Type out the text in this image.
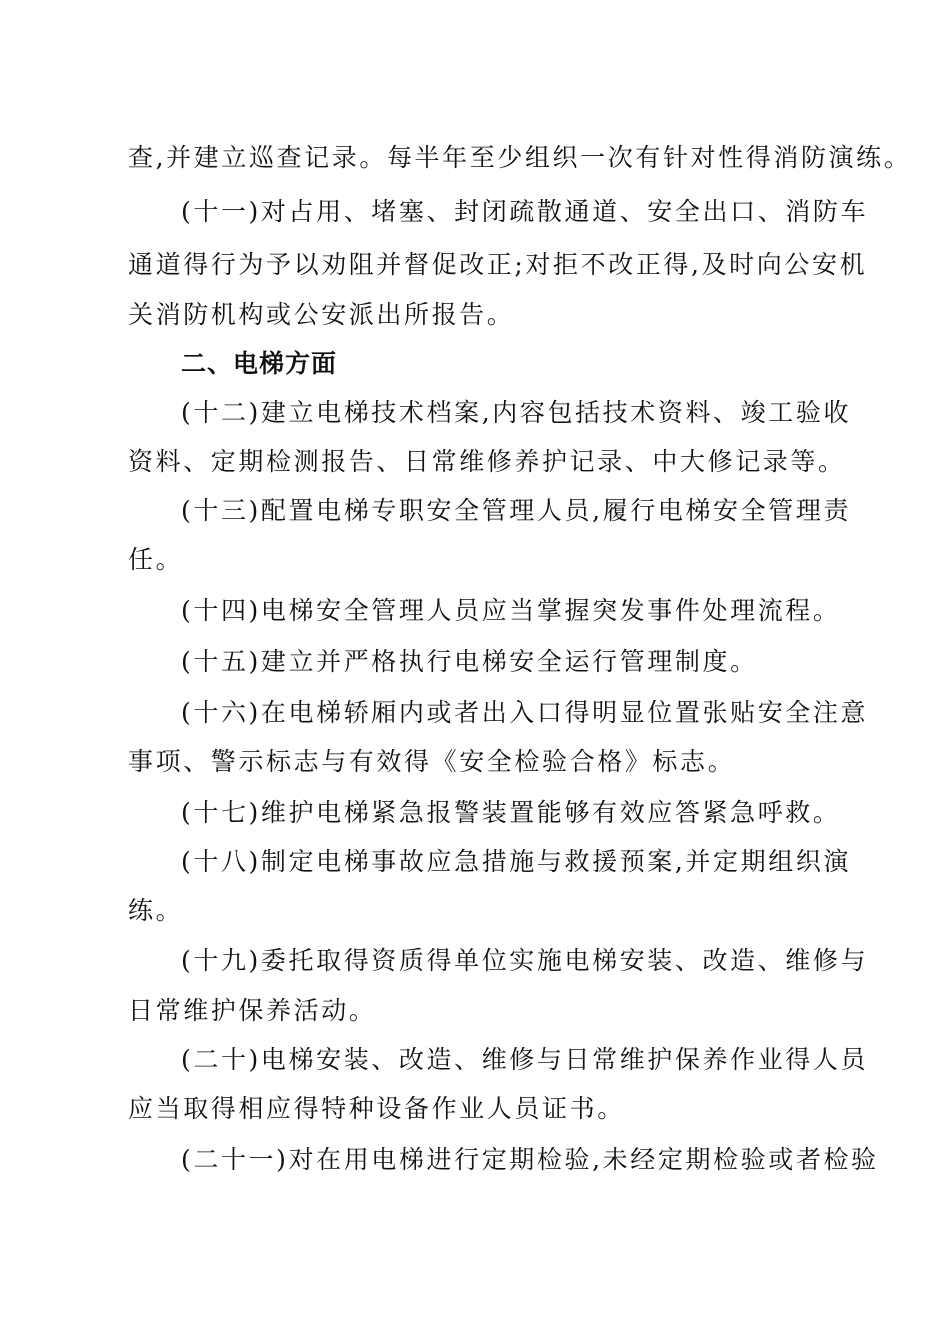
查,并建立巡查记录。每半年至少组织一次有针对性得消防演练。
(十一)对占用、堵塞、封闭疏散通道、安全出口、消防车
通道得行为予以劝阻并督促改正;对拒不改正得,及时向公安机
关消防机构或公安派出所报告。
二、电梯方面
(十二)建立电梯技术档案,内容包括技术资料、竣工验收
资料、定期检测报告、日常维修养护记录、中大修记录等。
(十三)配置电梯专职安全管理人员,履行电梯安全管理责
任。
(十四)电梯安全管理人员应当掌握突发事件处理流程。
(十五)建立并严格执行电梯安全运行管理制度。
(十六)在电梯轿厢内或者出入口得明显位置张贴安全注意
事项、警示标志与有效得《安全检验合格》标志。
(十七)维护电梯紧急报警装置能够有效应答紧急呼救。
(十八)制定电梯事故应急措施与救援预案,并定期组织演
练。
(十九)委托取得资质得单位实施电梯安装、改造、维修与
日常维护保养活动。
(二十)电梯安装、改造、维修与日常维护保养作业得人员
应当取得相应得特种设备作业人员证书。
(二十一)对在用电梯进行定期检验,未经定期检验或者检验
